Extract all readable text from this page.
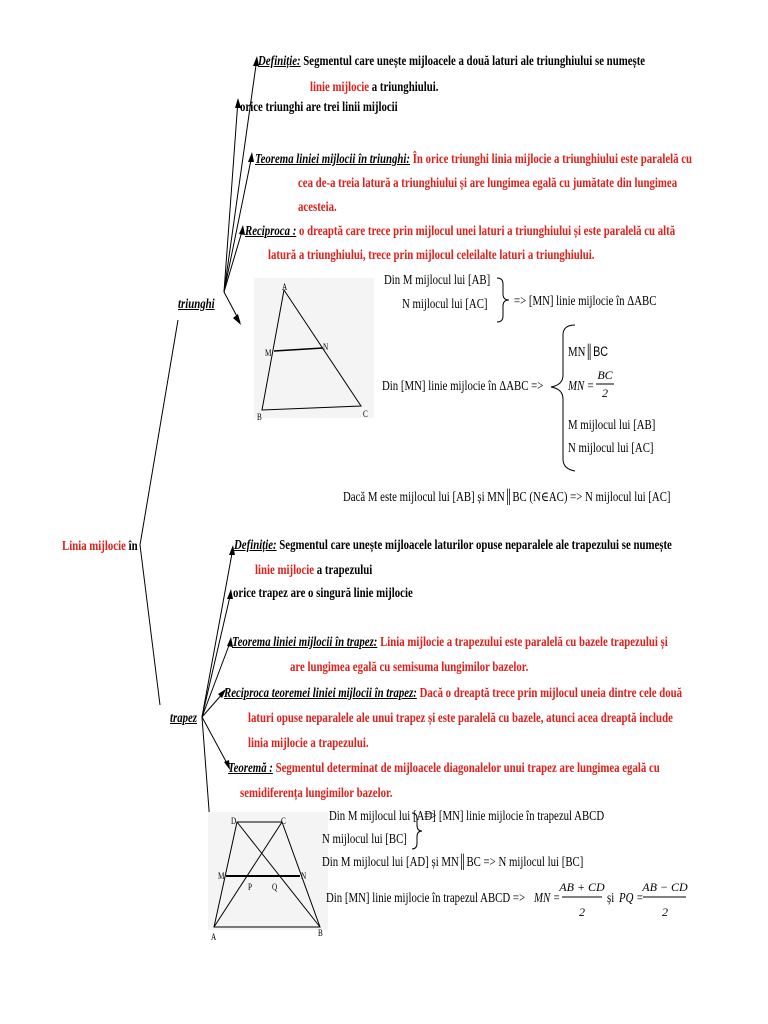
Linia mijlocie în
triunghi
Definiție: Segmentul care unește mijloacele a două laturi ale triunghiului se numește
linie mijlocie a triunghiului.
orice triunghi are trei linii mijlocii
Teorema liniei mijlocii în triunghi: În orice triunghi linia mijlocie a triunghiului este paralelă cu
cea de-a treia latură a triunghiului și are lungimea egală cu jumătate din lungimea
acesteia.
Reciproca : o dreaptă care trece prin mijlocul unei laturi a triunghiului și este paralelă cu altă
latură a triunghiului, trece prin mijlocul celeilalte laturi a triunghiului.
Din M mijlocul lui [AB]
N mijlocul lui [AC] => [MN] linie mijlocie în ΔABC
Din [MN] linie mijlocie în ΔABC =>
MN║BC
MN =
BC
2
M mijlocul lui [AB]
N mijlocul lui [AC]
Dacă M este mijlocul lui [AB] și MN║BC (N∈AC) => N mijlocul lui [AC]
A
M
N
B	C
trapez
Definiție: Segmentul care unește mijloacele laturilor opuse neparalele ale trapezului se numește
linie mijlocie a trapezului
orice trapez are o singură linie mijlocie
Teorema liniei mijlocii în trapez: Linia mijlocie a trapezului este paralelă cu bazele trapezului și
are lungimea egală cu semisuma lungimilor bazelor.
Reciproca teoremei liniei mijlocii în trapez: Dacă o dreaptă trece prin mijlocul uneia dintre cele două
laturi opuse neparalele ale unui trapez și este paralelă cu bazele, atunci acea dreaptă include
linia mijlocie a trapezului.
Teoremă : Segmentul determinat de mijloacele diagonalelor unui trapez are lungimea egală cu
semidiferența lungimilor bazelor.
Din M mijlocul lui [AD]
N mijlocul lui [BC]
=> [MN] linie mijlocie în trapezul ABCD
Din M mijlocul lui [AD] și MN║BC => N mijlocul lui [BC]
Din [MN] linie mijlocie în trapezul ABCD => MN =
AB + CD
2
și PQ =
AB − CD
2
D	C
M
P Q
N
A	B
